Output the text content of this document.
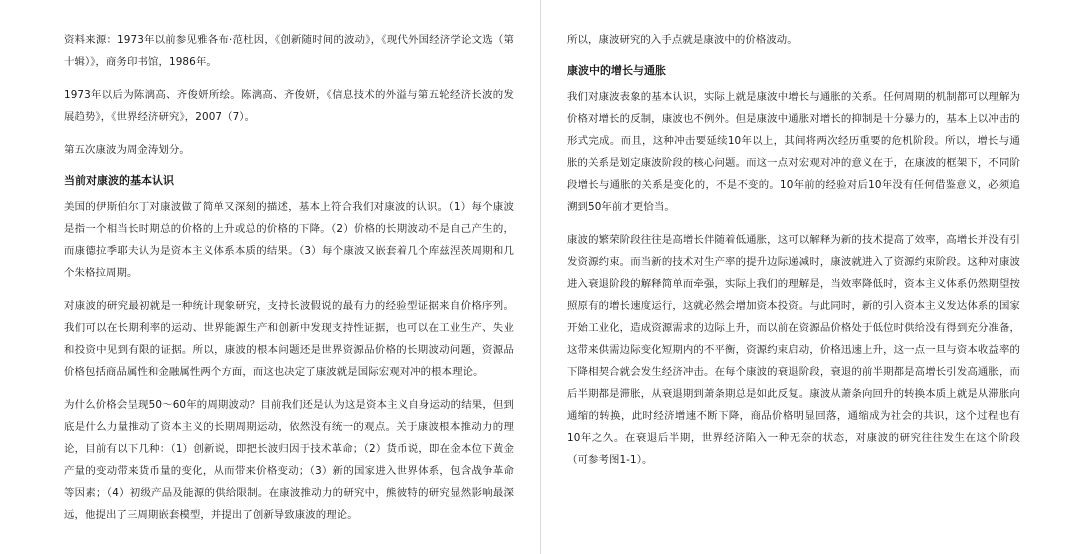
资料来源：1973年以前参见雅各布·范杜因，《创新随时间的波动》，《现代外国经济学论文选（第十辑）》，商务印书馆，1986年。

1973年以后为陈漓高、齐俊妍所绘。陈漓高、齐俊妍，《信息技术的外溢与第五轮经济长波的发展趋势》，《世界经济研究》，2007（7）。

第五次康波为周金涛划分。

当前对康波的基本认识

美国的伊斯伯尔丁对康波做了简单又深刻的描述，基本上符合我们对康波的认识。（1）每个康波是指一个相当长时期总的价格的上升或总的价格的下降。（2）价格的长期波动不是自己产生的，而康德拉季耶夫认为是资本主义体系本质的结果。（3）每个康波又嵌套着几个库兹涅茨周期和几个朱格拉周期。

对康波的研究最初就是一种统计现象研究，支持长波假说的最有力的经验型证据来自价格序列。我们可以在长期利率的运动、世界能源生产和创新中发现支持性证据，也可以在工业生产、失业和投资中见到有限的证据。所以，康波的根本问题还是世界资源品价格的长期波动问题，资源品价格包括商品属性和金融属性两个方面，而这也决定了康波就是国际宏观对冲的根本理论。

为什么价格会呈现50～60年的周期波动？目前我们还是认为这是资本主义自身运动的结果，但到底是什么力量推动了资本主义的长期周期运动，依然没有统一的观点。关于康波根本推动力的理论，目前有以下几种：（1）创新说，即把长波归因于技术革命；（2）货币说，即在金本位下黄金产量的变动带来货币量的变化，从而带来价格变动；（3）新的国家进入世界体系，包含战争革命等因素；（4）初级产品及能源的供给限制。在康波推动力的研究中，熊彼特的研究显然影响最深远，他提出了三周期嵌套模型，并提出了创新导致康波的理论。

所以，康波研究的入手点就是康波中的价格波动。

康波中的增长与通胀

我们对康波表象的基本认识，实际上就是康波中增长与通胀的关系。任何周期的机制都可以理解为价格对增长的反制，康波也不例外。但是康波中通胀对增长的抑制是十分暴力的，基本上以冲击的形式完成。而且，这种冲击要延续10年以上，其间将两次经历重要的危机阶段。所以，增长与通胀的关系是划定康波阶段的核心问题。而这一点对宏观对冲的意义在于，在康波的框架下，不同阶段增长与通胀的关系是变化的，不是不变的。10年前的经验对后10年没有任何借鉴意义，必须追溯到50年前才更恰当。

康波的繁荣阶段往往是高增长伴随着低通胀，这可以解释为新的技术提高了效率，高增长并没有引发资源约束。而当新的技术对生产率的提升边际递减时，康波就进入了资源约束阶段。这种对康波进入衰退阶段的解释简单而牵强，实际上我们的理解是，当效率降低时，资本主义体系仍然期望按照原有的增长速度运行，这就必然会增加资本投资。与此同时，新的引入资本主义发达体系的国家开始工业化，造成资源需求的边际上升，而以前在资源品价格处于低位时供给没有得到充分准备，这带来供需边际变化短期内的不平衡，资源约束启动，价格迅速上升，这一点一旦与资本收益率的下降相契合就会发生经济冲击。在每个康波的衰退阶段，衰退的前半期都是高增长引发高通胀，而后半期都是滞胀，从衰退期到萧条期总是如此反复。康波从萧条向回升的转换本质上就是从滞胀向通缩的转换，此时经济增速不断下降，商品价格明显回落，通缩成为社会的共识，这个过程也有10年之久。在衰退后半期，世界经济陷入一种无奈的状态，对康波的研究往往发生在这个阶段（可参考图1-1）。
